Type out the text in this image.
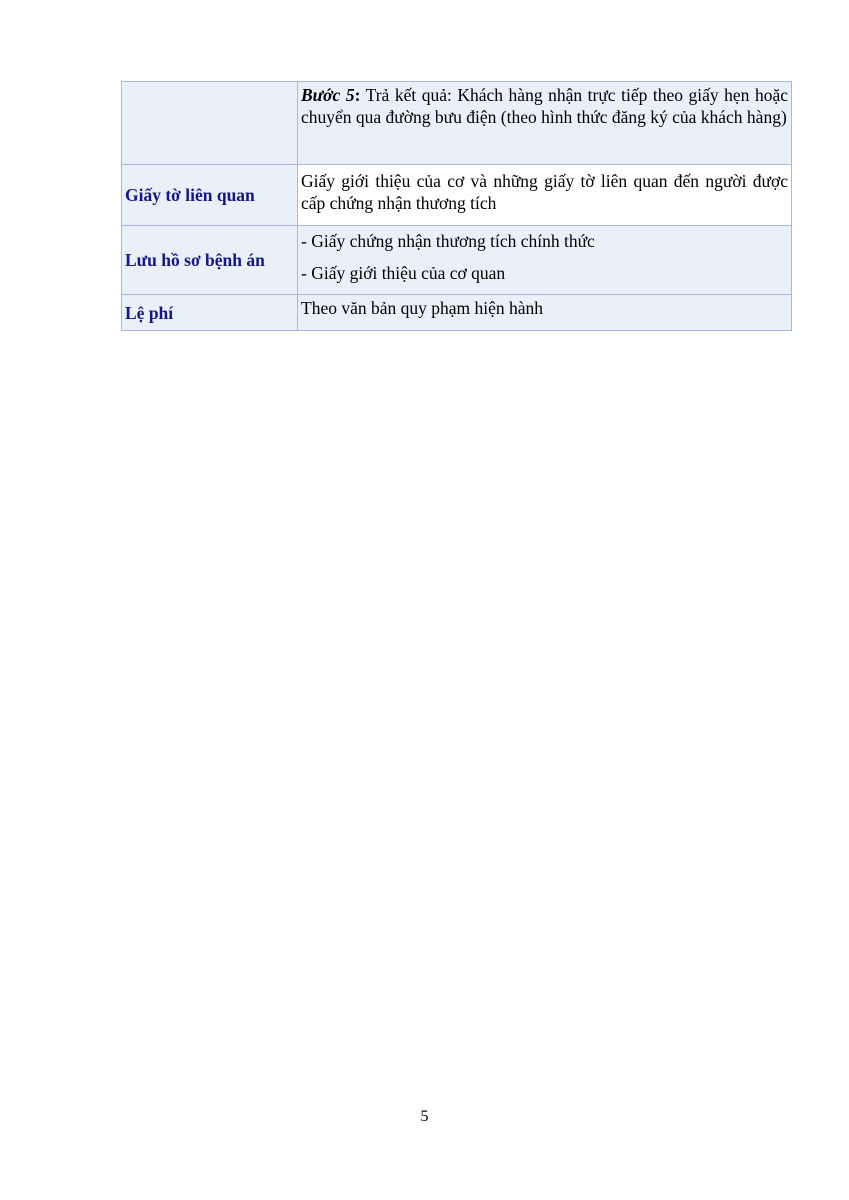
	Bước 5: Trả kết quả: Khách hàng nhận trực tiếp theo giấy hẹn hoặc chuyển qua đường bưu điện (theo hình thức đăng ký của khách hàng)
Giấy tờ liên quan	Giấy giới thiệu của cơ và những giấy tờ liên quan đến người được cấp chứng nhận thương tích
Lưu hồ sơ bệnh án	- Giấy chứng nhận thương tích chính thức

- Giấy giới thiệu của cơ quan

Lệ phí	Theo văn bản quy phạm hiện hành
5
